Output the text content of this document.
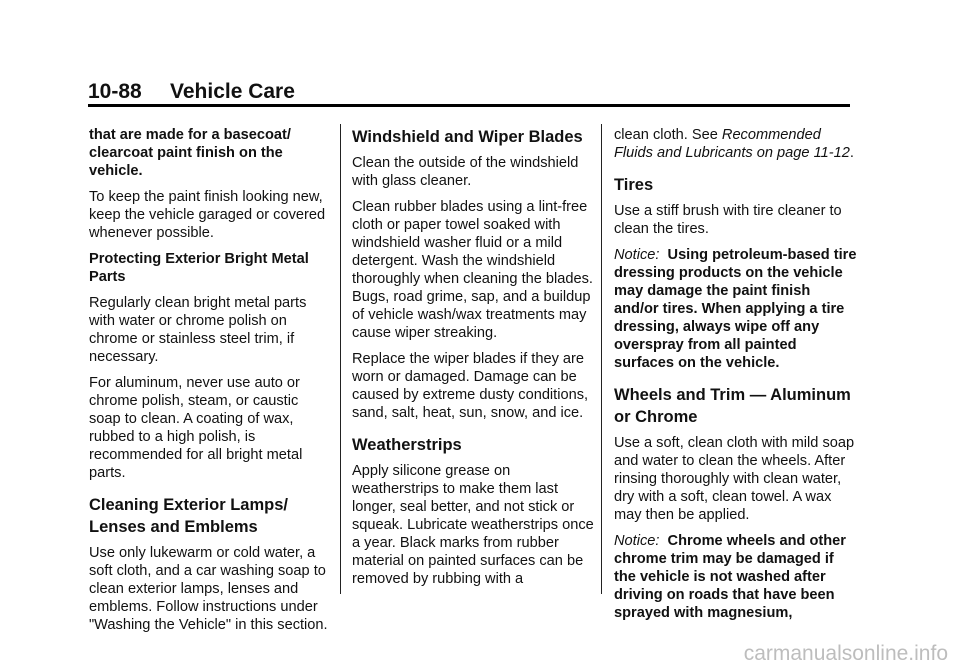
10-88 Vehicle Care

that are made for a basecoat/ clearcoat paint finish on the vehicle.

To keep the paint finish looking new, keep the vehicle garaged or covered whenever possible.

Protecting Exterior Bright Metal Parts

Regularly clean bright metal parts with water or chrome polish on chrome or stainless steel trim, if necessary.

For aluminum, never use auto or chrome polish, steam, or caustic soap to clean. A coating of wax, rubbed to a high polish, is recommended for all bright metal parts.

Cleaning Exterior Lamps/ Lenses and Emblems

Use only lukewarm or cold water, a soft cloth, and a car washing soap to clean exterior lamps, lenses and emblems. Follow instructions under "Washing the Vehicle" in this section.

Windshield and Wiper Blades

Clean the outside of the windshield with glass cleaner.

Clean rubber blades using a lint-free cloth or paper towel soaked with windshield washer fluid or a mild detergent. Wash the windshield thoroughly when cleaning the blades. Bugs, road grime, sap, and a buildup of vehicle wash/wax treatments may cause wiper streaking.

Replace the wiper blades if they are worn or damaged. Damage can be caused by extreme dusty conditions, sand, salt, heat, sun, snow, and ice.

Weatherstrips

Apply silicone grease on weatherstrips to make them last longer, seal better, and not stick or squeak. Lubricate weatherstrips once a year. Black marks from rubber material on painted surfaces can be removed by rubbing with a

clean cloth. See Recommended Fluids and Lubricants on page 11-12.

Tires

Use a stiff brush with tire cleaner to clean the tires.

Notice: Using petroleum-based tire dressing products on the vehicle may damage the paint finish and/or tires. When applying a tire dressing, always wipe off any overspray from all painted surfaces on the vehicle.

Wheels and Trim — Aluminum or Chrome

Use a soft, clean cloth with mild soap and water to clean the wheels. After rinsing thoroughly with clean water, dry with a soft, clean towel. A wax may then be applied.

Notice: Chrome wheels and other chrome trim may be damaged if the vehicle is not washed after driving on roads that have been sprayed with magnesium,

carmanualsonline.info
